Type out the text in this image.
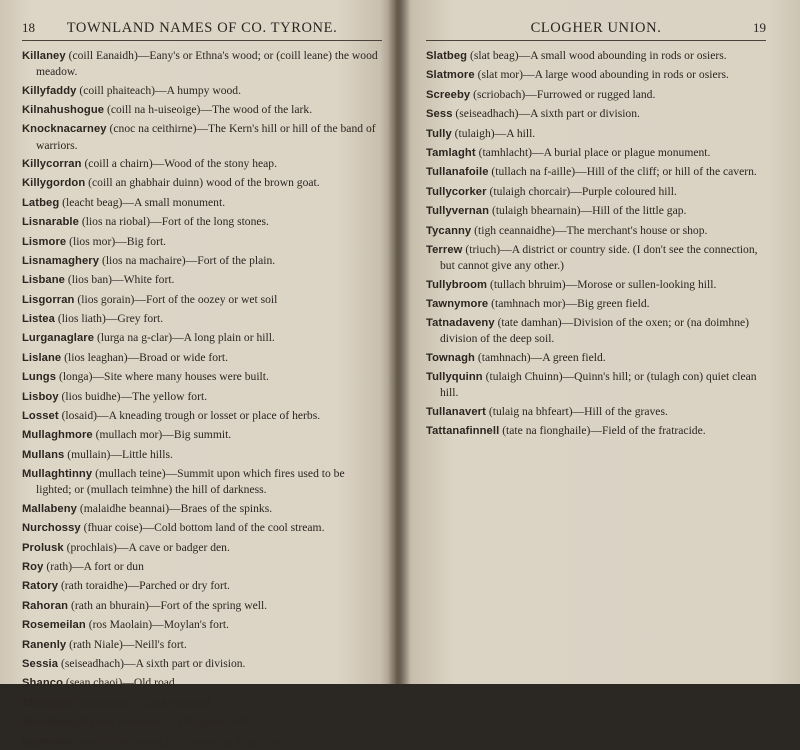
18 TOWNLAND NAMES OF CO. TYRONE.

Killaney (coill Eanaidh)—Eany's or Ethna's wood; or (coill leane) the wood meadow.

Killyfaddy (coill phaiteach)—A humpy wood.

Kilnahushogue (coill na h-uiseoige)—The wood of the lark.

Knocknacarney (cnoc na ceithirne)—The Kern's hill or hill of the band of warriors.

Killycorran (coill a chairn)—Wood of the stony heap.

Killygordon (coill an ghabhair duinn) wood of the brown goat.

Latbeg (leacht beag)—A small monument.

Lisnarable (lios na riobal)—Fort of the long stones.

Lismore (lios mor)—Big fort.

Lisnamaghery (lios na machaire)—Fort of the plain.

Lisbane (lios ban)—White fort.

Lisgorran (lios gorain)—Fort of the oozey or wet soil

Listea (lios liath)—Grey fort.

Lurganaglare (lurga na g-clar)—A long plain or hill.

Lislane (lios leaghan)—Broad or wide fort.

Lungs (longa)—Site where many houses were built.

Lisboy (lios buidhe)—The yellow fort.

Losset (losaid)—A kneading trough or losset or place of herbs.

Mullaghmore (mullach mor)—Big summit.

Mullans (mullain)—Little hills.

Mullaghtinny (mullach teine)—Summit upon which fires used to be lighted; or (mullach teimhne) the hill of darkness.

Mallabeny (malaidhe beannai)—Braes of the spinks.

Nurchossy (fhuar coise)—Cold bottom land of the cool stream.

Prolusk (prochlais)—A cave or badger den.

Roy (rath)—A fort or dun

Ratory (rath toraidhe)—Parched or dry fort.

Rahoran (rath an bhurain)—Fort of the spring well.

Rosemeilan (ros Maolain)—Moylan's fort.

Ranenly (rath Niale)—Neill's fort.

Sessia (seiseadhach)—A sixth part or division.

Shanco (sean chaoi)—Old road.

Skelgagh (sgeilgeach)—Rocky ground.

Shantonagh (sean tamhnach)—Old green field

Syunchin (suidhe fhuinnseog)—Abounding in ash trees.

CLOGHER UNION.	19

Slatbeg (slat beag)—A small wood abounding in rods or osiers.

Slatmore (slat mor)—A large wood abounding in rods or osiers.

Screeby (scriobach)—Furrowed or rugged land.

Sess (seiseadhach)—A sixth part or division.

Tully (tulaigh)—A hill.

Tamlaght (tamhlacht)—A burial place or plague monument.

Tullanafoile (tullach na f-aille)—Hill of the cliff; or hill of the cavern.

Tullycorker (tulaigh chorcair)—Purple coloured hill.

Tullyvernan (tulaigh bhearnain)—Hill of the little gap.

Tycanny (tigh ceannaidhe)—The merchant's house or shop.

Terrew (triuch)—A district or country side. (I don't see the connection, but cannot give any other.)

Tullybroom (tullach bhruim)—Morose or sullen-looking hill.

Tawnymore (tamhnach mor)—Big green field.

Tatnadaveny (tate damhan)—Division of the oxen; or (na doimhne) division of the deep soil.

Townagh (tamhnach)—A green field.

Tullyquinn (tulaigh Chuinn)—Quinn's hill; or (tulagh con) quiet clean hill.

Tullanavert (tulaig na bhfeart)—Hill of the graves.

Tattanafinnell (tate na fionghaile)—Field of the fratracide.
